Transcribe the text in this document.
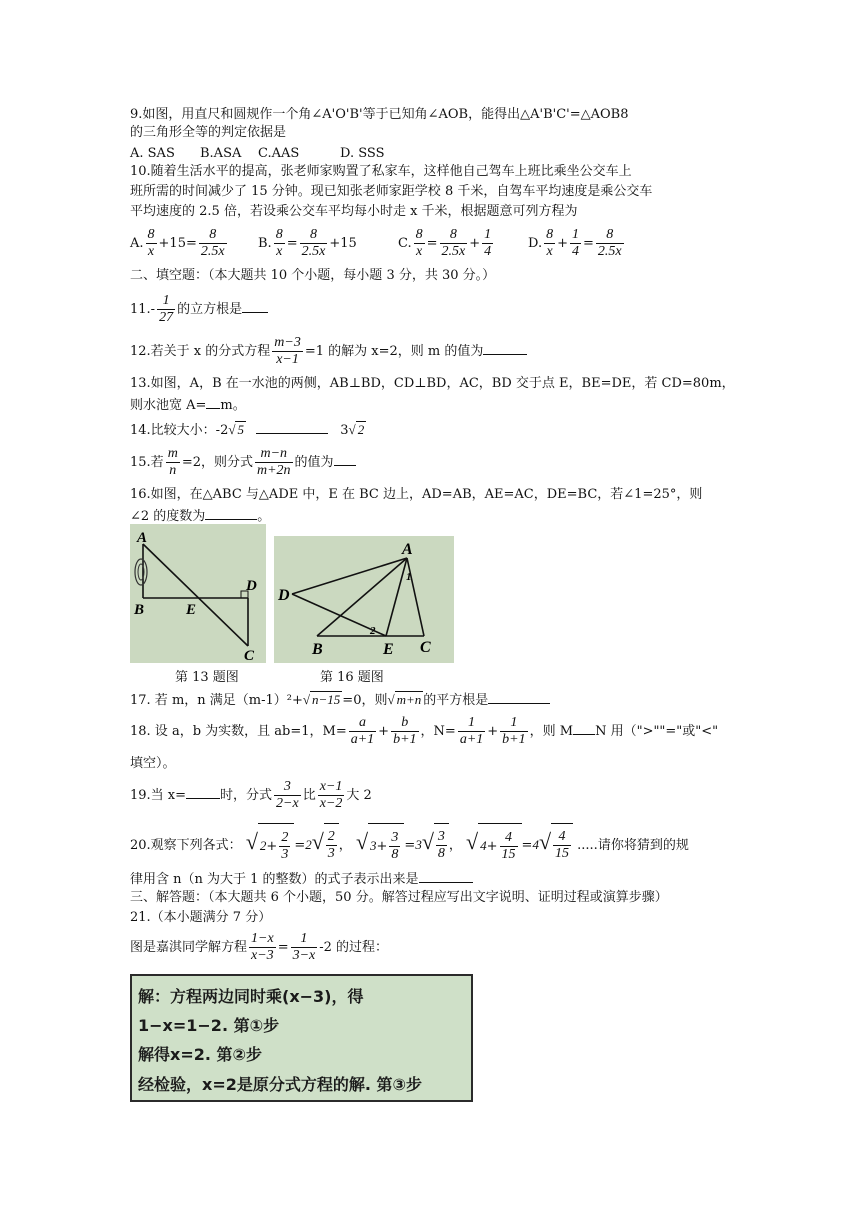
9.如图，用直尺和圆规作一个角∠A'O'B'等于已知角∠AOB，能得出△A'B'C'=△AOB8
的三角形全等的判定依据是
A. SAS B.ASA C.AAS	D. SSS
10.随着生活水平的提高，张老师家购置了私家车，这样他自己驾车上班比乘坐公交车上
班所需的时间减少了 15 分钟。现已知张老师家距学校 8 千米，自驾车平均速度是乘公交车
平均速度的 2.5 倍，若设乘公交车平均每小时走 x 千米，根据题意可列方程为
A. $\frac{8}{x} +15= \frac{8}{2.5x} B$. $\frac{8}{x} = \frac{8}{2.5x} +15$	C. $\frac{8}{x} = \frac{8}{2.5x} + \frac{1}{4}$	D. $\frac{8}{x} + \frac{1}{4} = \frac{8}{2.5x}$
二、填空题：（本大题共 10 个小题，每小题 3 分，共 30 分。）
$11.- \frac{1}{27}$ 的立方根是
12.若关于 x 的分式方程 $\frac{m-3}{x-1} =1$ 的解为 x=2，则 m 的值为
13.如图，A，B 在一水池的两侧，AB⊥BD，CD⊥BD，AC，BD 交于点 E，BE=DE，若 CD=80m，
则水池宽 A= m。
14.比较大小：-2√ 5	3√ 2
15.若 $\frac{m}{n} =2$，则分式 $\frac{m-n}{m+2n}$ 的值为
16.如图，在△ABC 与△ADE 中，E 在 BC 边上，AD=AB，AE=AC，DE=BC，若∠1=25°，则
∠2 的度数为	。
A
B	E
D
C
第 13 题图
A
D
B	E C
1
2
第 16 题图
17. 若 m，n 满足（m-1）²+√ n−15 =0，则√ m+n 的平方根是
18. 设 a，b 为实数，且 ab=1，$M= \frac{a}{a+1} + \frac{b}{b+1}$ ，$N= \frac{1}{a+1} + \frac{1}{b+1}$ ，则 M N 用（">""="或"<"
填空）。
19.当 x=	时，分式 $\frac{3}{2-x}$ 比 $\frac{x-1}{x-2}$ 大 2
20.观察下列各式： √ $2+ \frac{2}{3} =2√ \frac{2}{3}$ ， √ $3+ \frac{3}{8} =3√ \frac{3}{8}$ ， √ $4+ \frac{4}{15} =4√ \frac{4}{15}$ .....请你将猜到的规
律用含 n（n 为大于 1 的整数）的式子表示出来是
三、解答题：（本大题共 6 个小题，50 分。解答过程应写出文字说明、证明过程或演算步骤）
21.（本小题满分 7 分）
图是嘉淇同学解方程 $\frac{1-x}{x-3} = \frac{1}{3-x} -2$ 的过程：
解：方程两边同时乘(x−3)，得
1−x=1−2. 第①步
解得x=2. 第②步
经检验，x=2是原分式方程的解. 第③步
